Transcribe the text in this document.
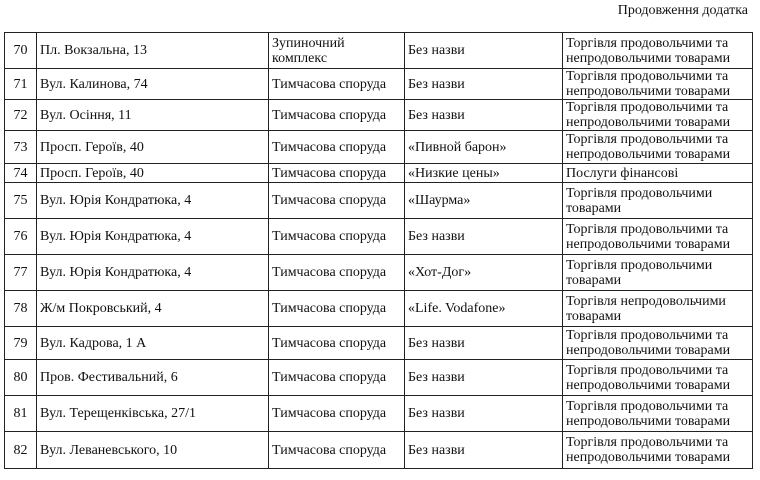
Продовження додатка
70	Пл. Вокзальна, 13	Зупиночний комплекс	Без назви	Торгівля продовольчими та непродовольчими товарами
71	Вул. Калинова, 74	Тимчасова споруда	Без назви	Торгівля продовольчими та непродовольчими товарами
72	Вул. Осіння, 11	Тимчасова споруда	Без назви	Торгівля продовольчими та непродовольчими товарами
73	Просп. Героїв, 40	Тимчасова споруда	«Пивной барон»	Торгівля продовольчими та непродовольчими товарами
74	Просп. Героїв, 40	Тимчасова споруда	«Низкие цены»	Послуги фінансові
75	Вул. Юрія Кондратюка, 4	Тимчасова споруда	«Шаурма»	Торгівля продовольчими товарами
76	Вул. Юрія Кондратюка, 4	Тимчасова споруда	Без назви	Торгівля продовольчими та непродовольчими товарами
77	Вул. Юрія Кондратюка, 4	Тимчасова споруда	«Хот-Дог»	Торгівля продовольчими товарами
78	Ж/м Покровський, 4	Тимчасова споруда	«Life. Vodafone»	Торгівля непродовольчими товарами
79	Вул. Кадрова, 1 А	Тимчасова споруда	Без назви	Торгівля продовольчими та непродовольчими товарами
80	Пров. Фестивальний, 6	Тимчасова споруда	Без назви	Торгівля продовольчими та непродовольчими товарами
81	Вул. Терещенківська, 27/1	Тимчасова споруда	Без назви	Торгівля продовольчими та непродовольчими товарами
82	Вул. Леваневського, 10	Тимчасова споруда	Без назви	Торгівля продовольчими та непродовольчими товарами
